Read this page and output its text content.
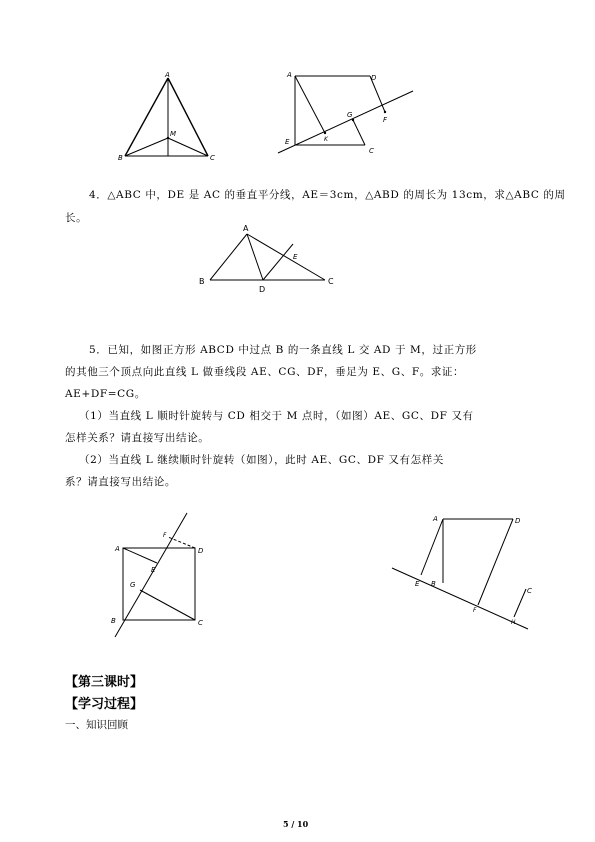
A
M
B	C
A	D
G
F
E	K
C
4．△ABC 中，DE 是 AC 的垂直平分线，AE＝3cm，△ABD 的周长为 13cm，求△ABC 的周
长。
A
E
B
D
C
5．已知，如图正方形 ABCD 中过点 B 的一条直线 L 交 AD 于 M，过正方形
的其他三个顶点向此直线 L 做垂线段 AE、CG、DF，垂足为 E、G、F。求证：
AE+DF=CG。
（1）当直线 L 顺时针旋转与 CD 相交于 M 点时，（如图）AE、GC、DF 又有
怎样关系？请直接写出结论。
（2）当直线 L 继续顺时针旋转（如图），此时 AE、GC、DF 又有怎样关
系？请直接写出结论。
A
F
D
E
G
B	C
A	D
E B
F
C
H
【第三课时】
【学习过程】
一、知识回顾
5 / 10
